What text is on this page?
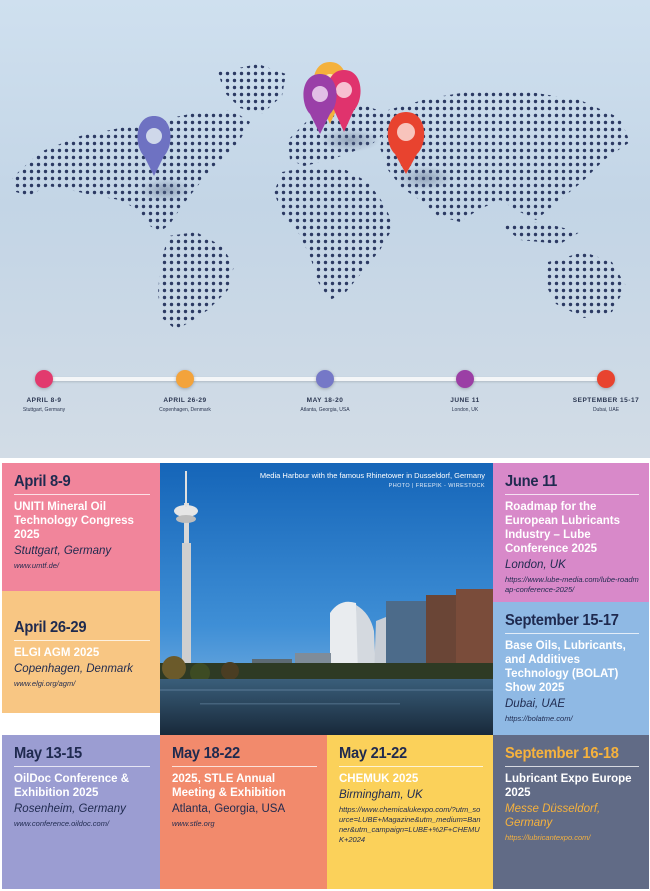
APRIL 8-9
Stuttgart, Germany
APRIL 26-29
Copenhagen, Denmark
MAY 18-20
Atlanta, Georgia, USA
JUNE 11
London, UK
SEPTEMBER 15-17
Dubai, UAE
April 8-9
UNITI Mineral Oil Technology Congress 2025
Stuttgart, Germany
www.umtf.de/
April 26-29
ELGI AGM 2025
Copenhagen, Denmark
www.elgi.org/agm/
Media Harbour with the famous Rhinetower in Dusseldorf, Germany
PHOTO | FREEPIK - WIRESTOCK June 11
Roadmap for the European Lubricants Industry – Lube Conference 2025
London, UK
https://www.lube-media.com/lube-roadmap-conference-2025/
September 15-17
Base Oils, Lubricants, and Additives Technology (BOLAT) Show 2025
Dubai, UAE
https://bolatme.com/
May 13-15
OilDoc Conference & Exhibition 2025
Rosenheim, Germany
www.conference.oildoc.com/
May 18-22
2025, STLE Annual Meeting & Exhibition
Atlanta, Georgia, USA
www.stle.org
May 21-22
CHEMUK 2025
Birmingham, UK
https://www.chemicalukexpo.com/?utm_source=LUBE+Magazine&utm_medium=Banner&utm_campaign=LUBE+%2F+CHEMUK+2024
September 16-18
Lubricant Expo Europe 2025
Messe Düsseldorf, Germany
https://lubricantexpo.com/
